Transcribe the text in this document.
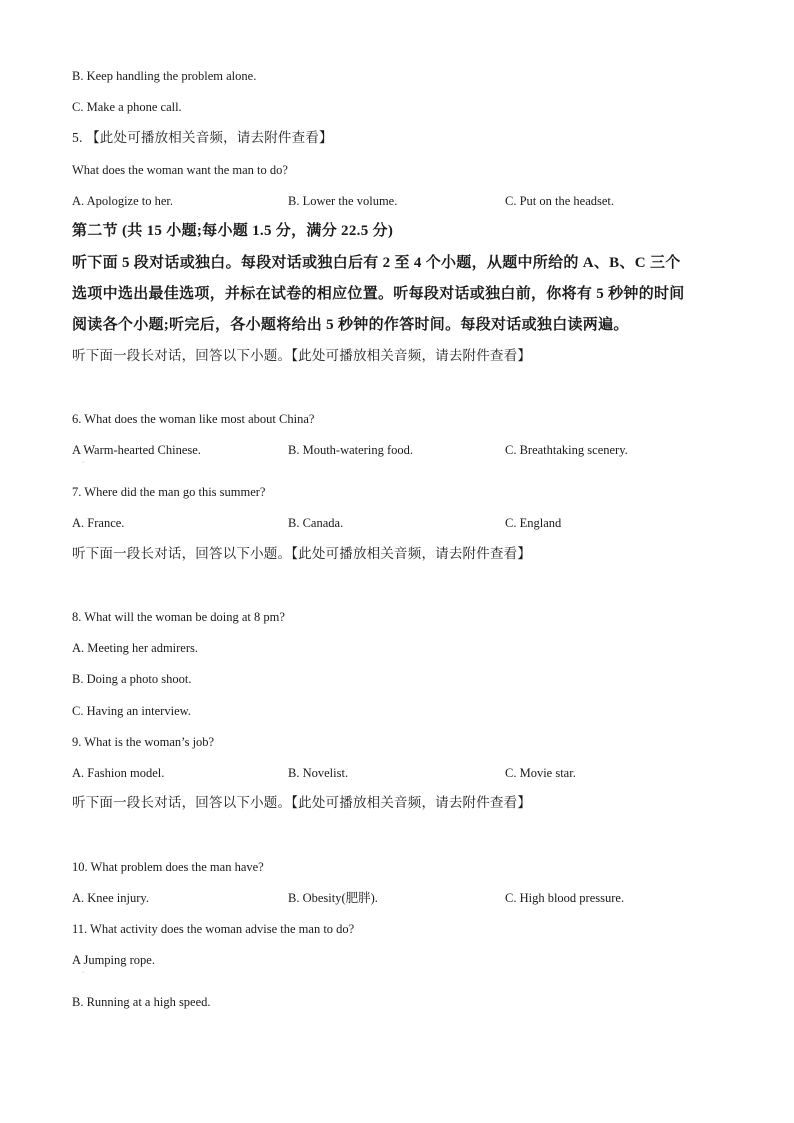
B. Keep handling the problem alone.
C. Make a phone call.
5. 【此处可播放相关音频，请去附件查看】
What does the woman want the man to do?
A. Apologize to her.	B. Lower the volume.	C. Put on the headset.
第二节 (共 15 小题;每小题 1.5 分，满分 22.5 分)
听下面 5 段对话或独白。每段对话或独白后有 2 至 4 个小题，从题中所给的 A、B、C 三个
选项中选出最佳选项，并标在试卷的相应位置。听每段对话或独白前，你将有 5 秒钟的时间
阅读各个小题;听完后，各小题将给出 5 秒钟的作答时间。每段对话或独白读两遍。
听下面一段长对话，回答以下小题。【此处可播放相关音频，请去附件查看】
6. What does the woman like most about China?
A Warm-hearted Chinese.
·
B. Mouth-watering food.	C. Breathtaking scenery.
7. Where did the man go this summer?
A. France.	B. Canada.	C. England
听下面一段长对话，回答以下小题。【此处可播放相关音频，请去附件查看】
8. What will the woman be doing at 8 pm?
A. Meeting her admirers.
B. Doing a photo shoot.
C. Having an interview.
9. What is the woman’s job?
A. Fashion model.	B. Novelist.	C. Movie star.
听下面一段长对话，回答以下小题。【此处可播放相关音频，请去附件查看】
10. What problem does the man have?
A. Knee injury.	B. Obesity(肥胖).	C. High blood pressure.
11. What activity does the woman advise the man to do?
A Jumping rope.
·
B. Running at a high speed.
